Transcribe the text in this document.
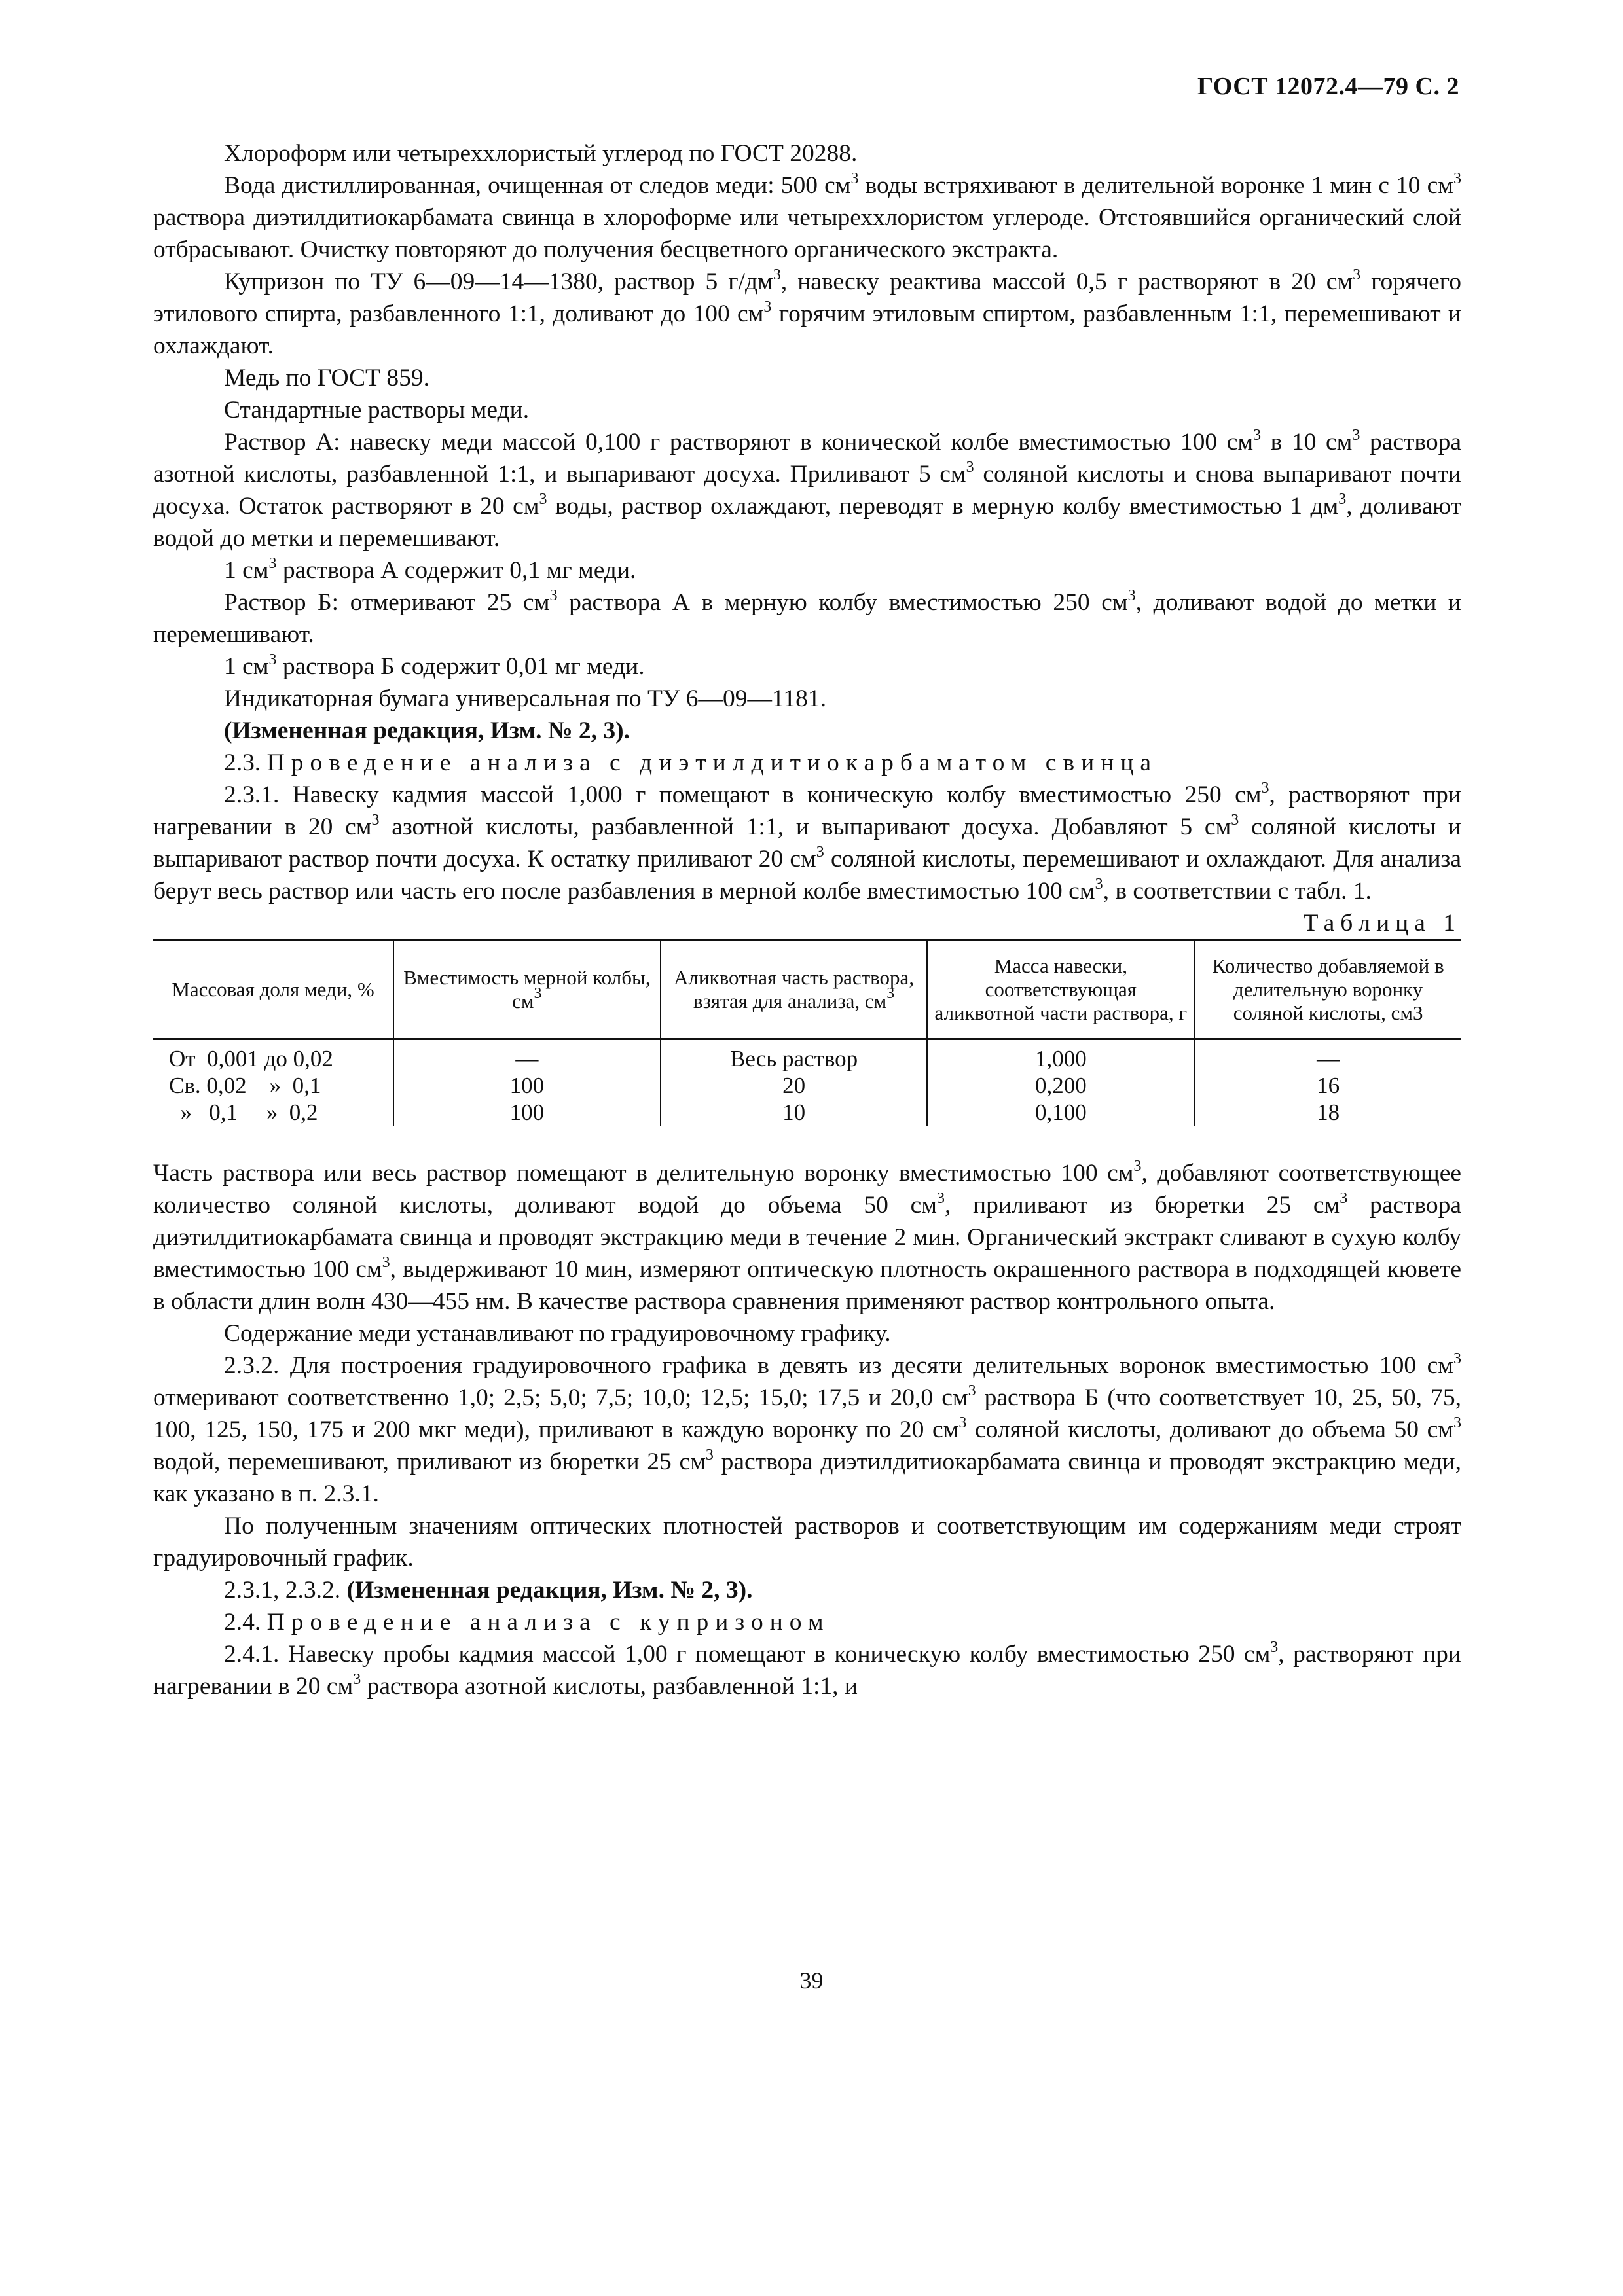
ГОСТ 12072.4—79 С. 2

Хлороформ или четыреххлористый углерод по ГОСТ 20288.

Вода дистиллированная, очищенная от следов меди: 500 $см^3$ воды встряхивают в делительной воронке 1 мин с 10 $см^3$ раствора диэтилдитиокарбамата свинца в хлороформе или четыреххлористом углероде. Отстоявшийся органический слой отбрасывают. Очистку повторяют до получения бесцветного органического экстракта.

Купризон по ТУ 6—09—14—1380, раствор 5 $г/дм^3$, навеску реактива массой 0,5 г растворяют в 20 $см^3$ горячего этилового спирта, разбавленного 1:1, доливают до 100 $см^3$ горячим этиловым спиртом, разбавленным 1:1, перемешивают и охлаждают.

Медь по ГОСТ 859.

Стандартные растворы меди.

Раствор А: навеску меди массой 0,100 г растворяют в конической колбе вместимостью 100 $см^3$ в 10 $см^3$ раствора азотной кислоты, разбавленной 1:1, и выпаривают досуха. Приливают 5 $см^3$ соляной кислоты и снова выпаривают почти досуха. Остаток растворяют в 20 $см^3$ воды, раствор охлаждают, переводят в мерную колбу вместимостью 1 $дм^3$, доливают водой до метки и перемешивают.

1 $см^3$ раствора А содержит 0,1 мг меди.

Раствор Б: отмеривают 25 $см^3$ раствора А в мерную колбу вместимостью 250 $см^3$, доливают водой до метки и перемешивают.

1 $см^3$ раствора Б содержит 0,01 мг меди.

Индикаторная бумага универсальная по ТУ 6—09—1181.

(Измененная редакция, Изм. № 2, 3).

2.3. Проведение анализа с диэтилдитиокарбаматом свинца

2.3.1. Навеску кадмия массой 1,000 г помещают в коническую колбу вместимостью 250 $см^3$, растворяют при нагревании в 20 $см^3$ азотной кислоты, разбавленной 1:1, и выпаривают досуха. Добавляют 5 $см^3$ соляной кислоты и выпаривают раствор почти досуха. К остатку приливают 20 $см^3$ соляной кислоты, перемешивают и охлаждают. Для анализа берут весь раствор или часть его после разбавления в мерной колбе вместимостью 100 $см^3$, в соответствии с табл. 1.

Таблица 1

Массовая доля меди, %	Вместимость мерной колбы, $см^3$	Аликвотная часть раствора, взятая для анализа, $см^3$	Масса навески, соответствующая аликвотной части раствора, г	Количество добавляемой в делительную воронку соляной кислоты, см3
От  0,001 до 0,02	—	Весь раствор	1,000	—
Св. 0,02    »  0,1	100	20	0,200	16
»   0,1     »  0,2	100	10	0,100	18

Часть раствора или весь раствор помещают в делительную воронку вместимостью 100 $см^3$, добавляют соответствующее количество соляной кислоты, доливают водой до объема 50 $см^3$, приливают из бюретки 25 $см^3$ раствора диэтилдитиокарбамата свинца и проводят экстракцию меди в течение 2 мин. Органический экстракт сливают в сухую колбу вместимостью 100 $см^3$, выдерживают 10 мин, измеряют оптическую плотность окрашенного раствора в подходящей кювете в области длин волн 430—455 нм. В качестве раствора сравнения применяют раствор контрольного опыта.

Содержание меди устанавливают по градуировочному графику.

2.3.2. Для построения градуировочного графика в девять из десяти делительных воронок вместимостью 100 $см^3$ отмеривают соответственно 1,0; 2,5; 5,0; 7,5; 10,0; 12,5; 15,0; 17,5 и 20,0 $см^3$ раствора Б (что соответствует 10, 25, 50, 75, 100, 125, 150, 175 и 200 мкг меди), приливают в каждую воронку по 20 $см^3$ соляной кислоты, доливают до объема 50 $см^3$ водой, перемешивают, приливают из бюретки 25 $см^3$ раствора диэтилдитиокарбамата свинца и проводят экстракцию меди, как указано в п. 2.3.1.

По полученным значениям оптических плотностей растворов и соответствующим им содержаниям меди строят градуировочный график.

2.3.1, 2.3.2. (Измененная редакция, Изм. № 2, 3).

2.4. Проведение анализа с купризоном

2.4.1. Навеску пробы кадмия массой 1,00 г помещают в коническую колбу вместимостью 250 $см^3$, растворяют при нагревании в 20 $см^3$ раствора азотной кислоты, разбавленной 1:1, и

39
